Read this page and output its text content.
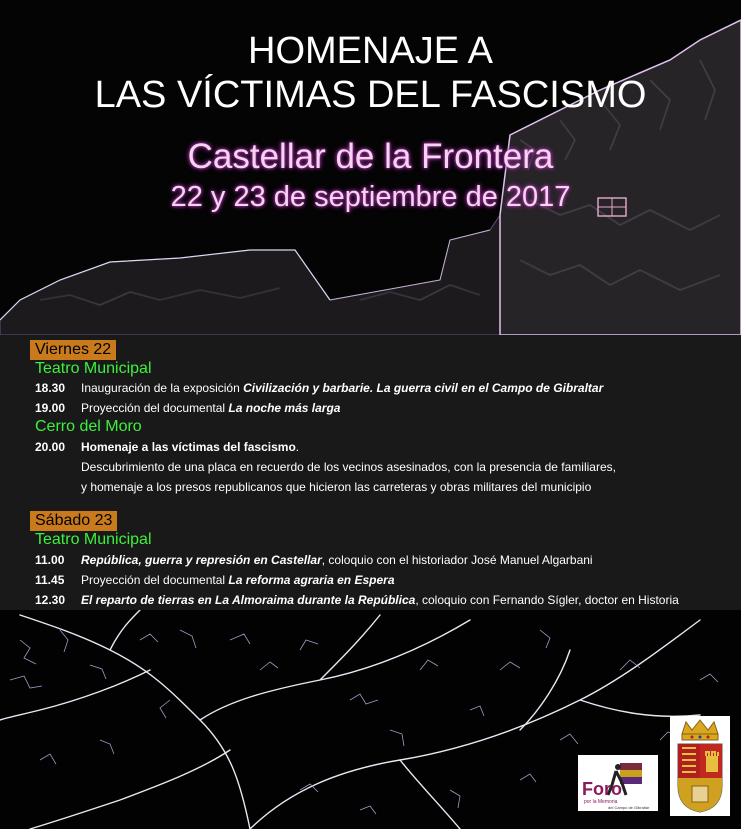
HOMENAJE A
LAS VÍCTIMAS DEL FASCISMO
Castellar de la Frontera
22 y 23 de septiembre de 2017
Viernes 22
Teatro Municipal
18.30 Inauguración de la exposición Civilización y barbarie. La guerra civil en el Campo de Gibraltar
19.00 Proyección del documental La noche más larga
Cerro del Moro
20.00 Homenaje a las víctimas del fascismo.
Descubrimiento de una placa en recuerdo de los vecinos asesinados, con la presencia de familiares,
y homenaje a los presos republicanos que hicieron las carreteras y obras militares del municipio
Sábado 23
Teatro Municipal
11.00 República, guerra y represión en Castellar, coloquio con el historiador José Manuel Algarbani
11.45 Proyección del documental La reforma agraria en Espera
12.30 El reparto de tierras en La Almoraima durante la República, coloquio con Fernando Sígler, doctor en Historia
Foro
por la Memoria
del Campo de Gibraltar
